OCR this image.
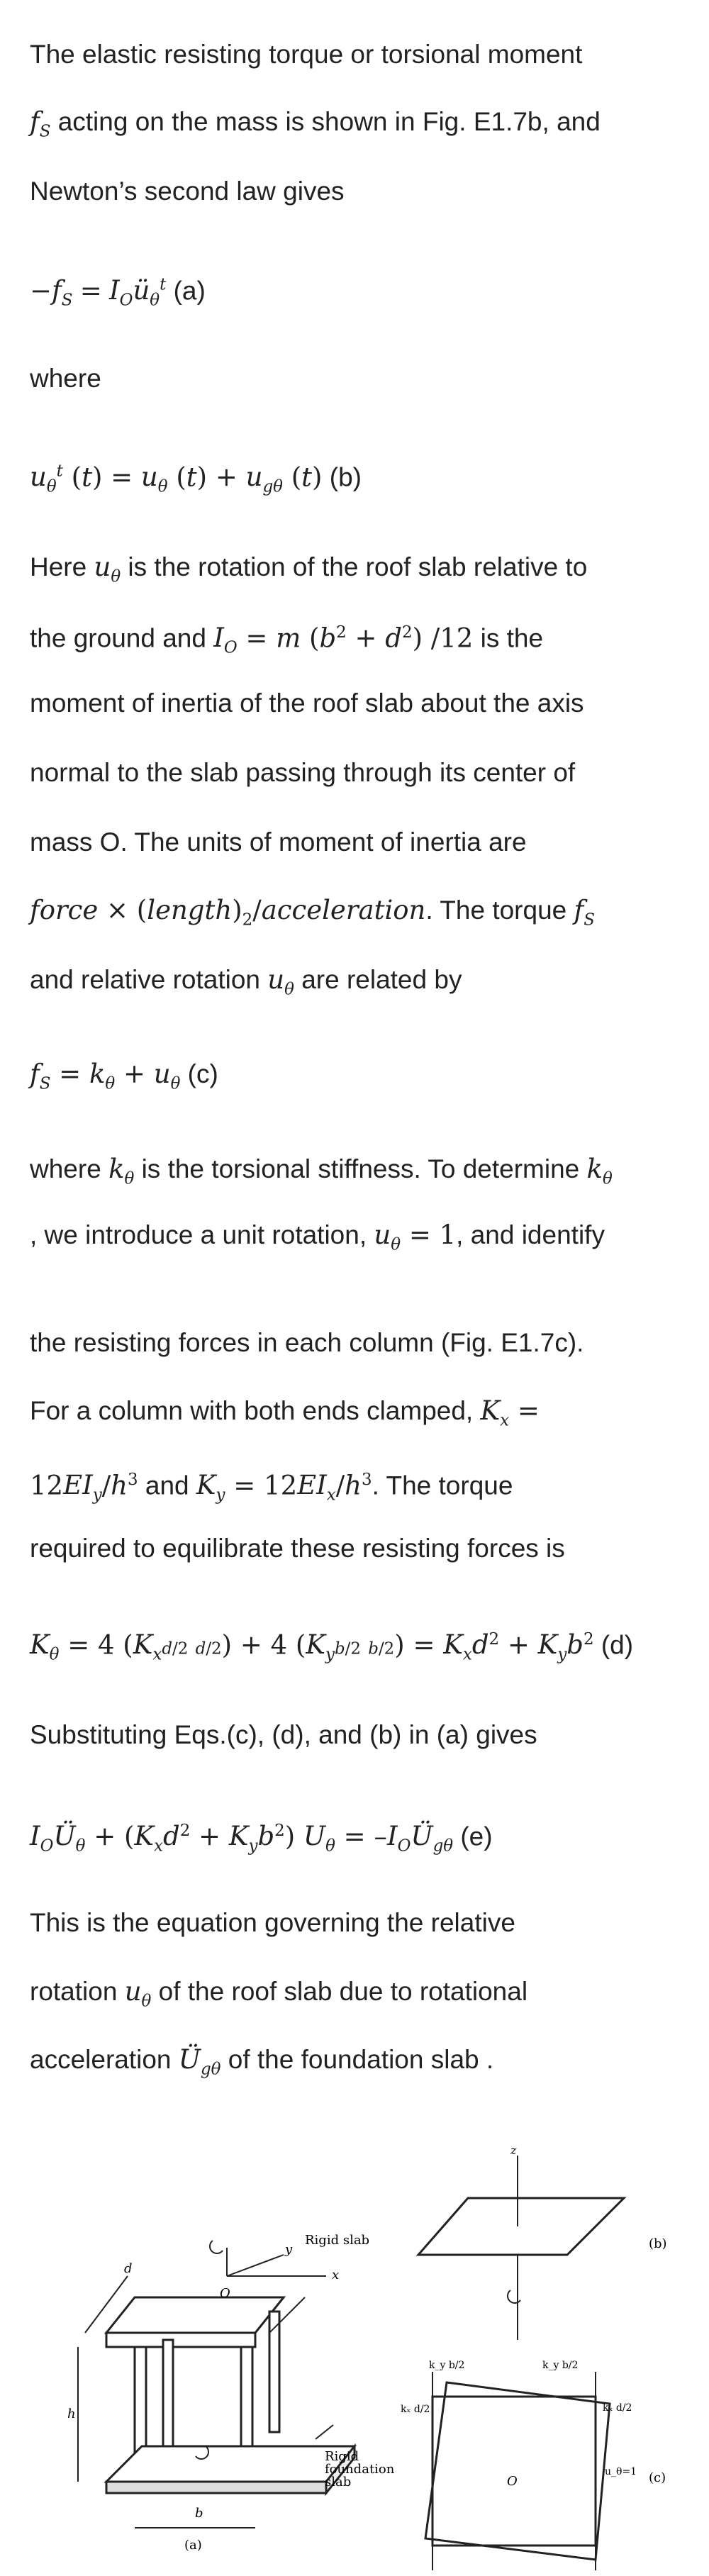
The elastic resisting torque or torsional moment
$f_S$ acting on the mass is shown in Fig. E1.7b, and
Newton’s second law gives
$-f_S$ = $I_Oü_\theta^t$ (a)
where
$u_\theta^t$ $(t) = u_\theta$ $(t) + u_{g\theta}$ (t) (b)
Here $u_\theta$ is the rotation of the roof slab relative to
the ground and $I_O = m$ $(b^2 + d^2)$ /12 is the
moment of inertia of the roof slab about the axis
normal to the slab passing through its center of
mass O. The units of moment of inertia are
force × $(length)_2$/acceleration. The torque $f_S$
and relative rotation $u_\theta$ are related by
$f_S = k_\theta + u_\theta$ (c)
where $k_\theta$ is the torsional stiffness. To determine $k_\theta$
, we introduce a unit rotation, $u_\theta = 1$, and identify
the resisting forces in each column (Fig. E1.7c).
For a column with both ends clamped, $K_x$ =
$12EI_y/h^3$ and $K_y = 12EI_x/h^3$. The torque
required to equilibrate these resisting forces is
$K_\theta = 4$ ($K_xd/2$ d/2) + 4 ($K_yb/2$ $b/2) = K_xd^2 + K_yb^2$ (d)
Substituting Eqs.(c), (d), and (b) in (a) gives
$I_OÜ_\theta + (K_xd^2 + K_yb^2) U_\theta$ = $-I_OÜ_{g\theta}$ (e)
This is the equation governing the relative
rotation $u_\theta$ of the roof slab due to rotational
acceleration $Ü_{g\theta}$ of the foundation slab .
Rigid slab
Rigid
foundation
slab
(a)
d
h
b
x
y
O
z
(b)
O
kₓ d/2
kₓ d/2
k_y b/2	k_y b/2
u_θ=1 (c)
